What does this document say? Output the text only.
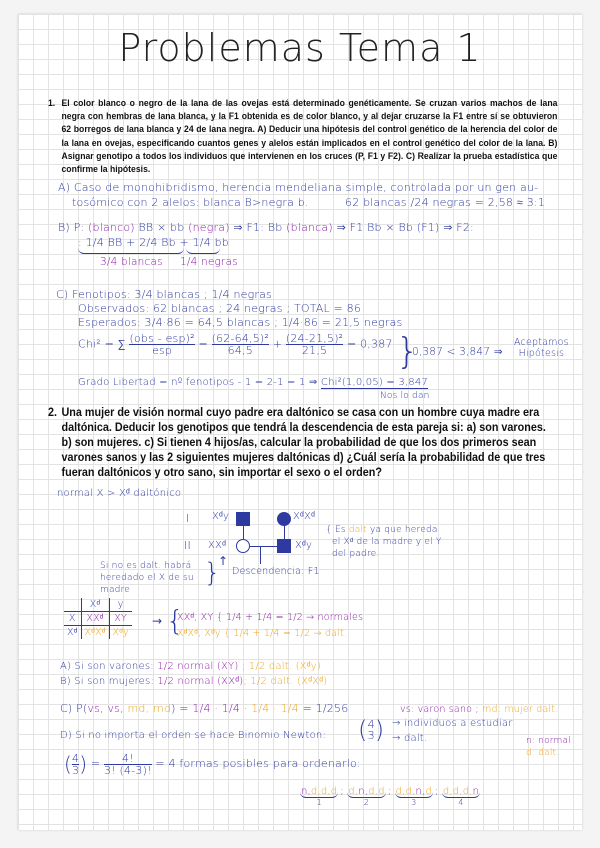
Problemas Tema 1
1. El color blanco o negro de la lana de las ovejas está determinado genéticamente. Se cruzan varios machos de lana negra con hembras de lana blanca, y la F1 obtenida es de color blanco, y al dejar cruzarse la F1 entre sí se obtuvieron 62 borregos de lana blanca y 24 de lana negra. A) Deducir una hipótesis del control genético de la herencia del color de la lana en ovejas, especificando cuantos genes y alelos están implicados en el control genético del color de la lana. B) Asignar genotipo a todos los individuos que intervienen en los cruces (P, F1 y F2). C) Realizar la prueba estadística que confirme la hipótesis.
A) Caso de monohibridismo, herencia mendeliana simple, controlada por un gen au-
tosómico con 2 alelos: blanca B>negra b.	62 blancas /24 negras = 2,58 ≈ 3:1
B) P: (blanco) BB × bb (negra) ⇒ F1: Bb (blanca) ⇒ F1 Bb × Bb (F1) ⇒ F2:
: 1/4 BB + 2/4 Bb + 1/4 bb
3/4 blancas 1/4 negras
C) Fenotipos: 3/4 blancas ; 1/4 negras
Observados: 62 blancas ; 24 negras ; TOTAL = 86
Esperados: 3/4·86 = 64,5 blancas ; 1/4·86 = 21,5 negras
Chi² = ∑ $\frac{\text{(obs - esp)²}}{\text{esp}} = \frac{\text{(62-64,5)²}}{64,5} + \frac{\text{(24-21,5)²}}{21,5} = 0,387$
Grado Libertad = nº fenotipos - 1 = 2-1 = 1 ⇒ Chi²(1,0,05) = 3,847
Nos lo dan
}
0,387 < 3,847 ⇒
Aceptamos
Hipótesis
2. Una mujer de visión normal cuyo padre era daltónico se casa con un hombre cuya madre era daltónica. Deducir los genotipos que tendrá la descendencia de esta pareja si: a) son varones. b) son mujeres. c) Si tienen 4 hijos/as, calcular la probabilidad de que los dos primeros sean varones sanos y las 2 siguientes mujeres daltónicas d) ¿Cuál sería la probabilidad de que tres fueran daltónicos y otro sano, sin importar el sexo o el orden?
normal X > Xᵈ daltónico
I
II
Xᵈy	XᵈXᵈ
XXᵈ	Xᵈy
Descendencia: F1
{ Es dalt ya que hereda
el Xᵈ de la madre y el Y
del padre.
Si no es dalt. habrá
heredado el X de su
madre
}
↑
	Xᵈ	y
X	XXᵈ	XY
Xᵈ	XᵈXᵈ	Xᵈy
→ {
XXᵈ, XY { 1/4 + 1/4 = 1/2 → normales
XᵈXᵈ, Xᵈy { 1/4 + 1/4 = 1/2 → dalt.
A) Si son varones: 1/2 normal (XY) ; 1/2 dalt. (Xᵈy)
B) Si son mujeres: 1/2 normal (XXᵈ); 1/2 dalt. (XᵈXᵈ)
C) P(vs, vs, md, md) = 1/4 · 1/4 · 1/4 · 1/4 = 1/256	vs: varon sano ; md: mujer dalt.
D) Si no importa el orden se hace Binomio Newton: ( 4
3 ) → individuos a estudiar
→ dalt.	n: normal
d: dalt.
( $\frac{4}{3}$ ) = $\frac{4!}{3! (4-3)!} = 4$ formas posibles para ordenarlo:
n,d,d,d
1
; d,n,d,d
2
; d,d,n,d
3
; d,d,d,n
4
